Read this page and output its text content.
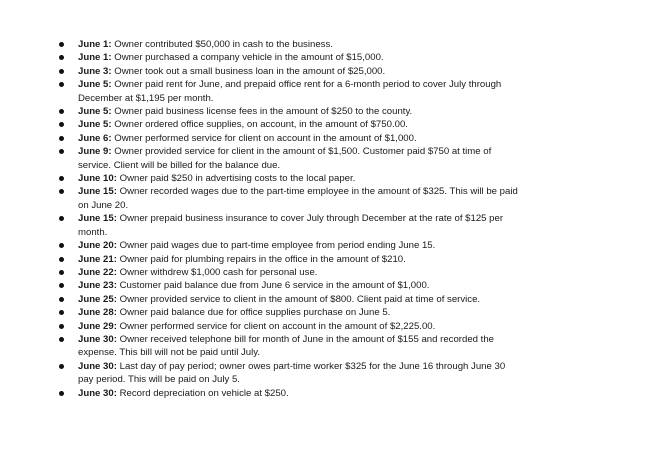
June 1: Owner contributed $50,000 in cash to the business.
June 1: Owner purchased a company vehicle in the amount of $15,000.
June 3: Owner took out a small business loan in the amount of $25,000.
June 5: Owner paid rent for June, and prepaid office rent for a 6-month period to cover July through December at $1,195 per month.
June 5: Owner paid business license fees in the amount of $250 to the county.
June 5: Owner ordered office supplies, on account, in the amount of $750.00.
June 6: Owner performed service for client on account in the amount of $1,000.
June 9: Owner provided service for client in the amount of $1,500. Customer paid $750 at time of service. Client will be billed for the balance due.
June 10: Owner paid $250 in advertising costs to the local paper.
June 15: Owner recorded wages due to the part-time employee in the amount of $325. This will be paid on June 20.
June 15: Owner prepaid business insurance to cover July through December at the rate of $125 per month.
June 20: Owner paid wages due to part-time employee from period ending June 15.
June 21: Owner paid for plumbing repairs in the office in the amount of $210.
June 22: Owner withdrew $1,000 cash for personal use.
June 23: Customer paid balance due from June 6 service in the amount of $1,000.
June 25: Owner provided service to client in the amount of $800. Client paid at time of service.
June 28: Owner paid balance due for office supplies purchase on June 5.
June 29: Owner performed service for client on account in the amount of $2,225.00.
June 30: Owner received telephone bill for month of June in the amount of $155 and recorded the expense. This bill will not be paid until July.
June 30: Last day of pay period; owner owes part-time worker $325 for the June 16 through June 30 pay period. This will be paid on July 5.
June 30: Record depreciation on vehicle at $250.
